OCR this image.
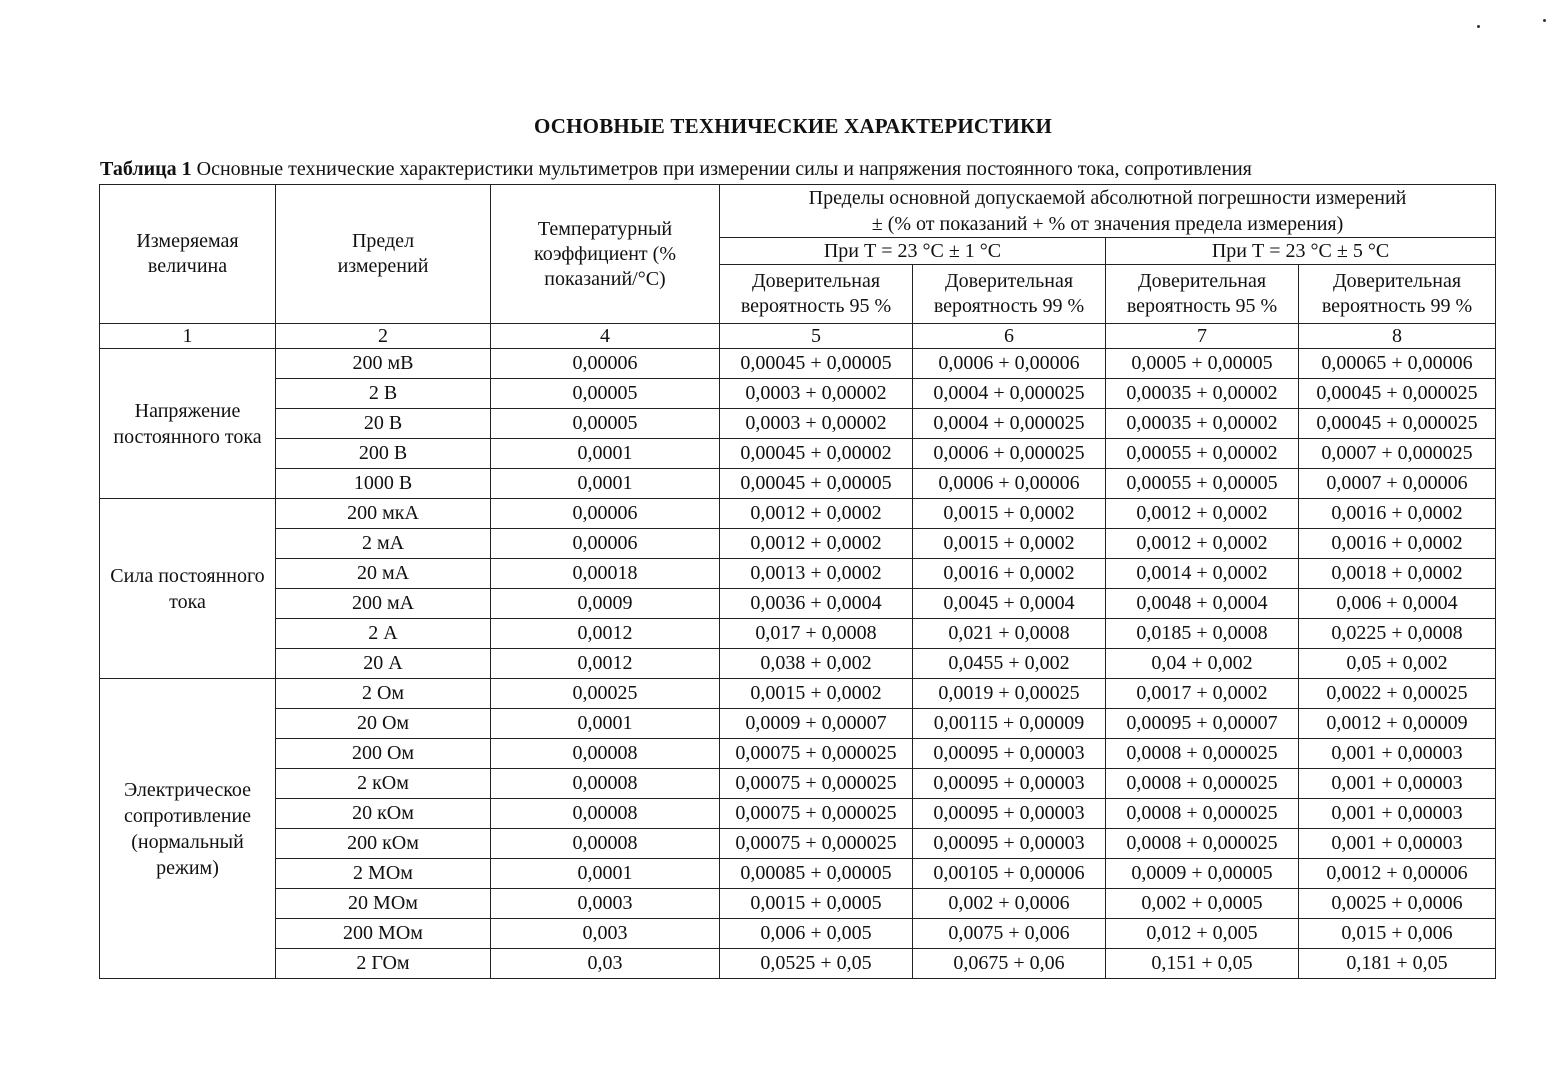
ОСНОВНЫЕ ТЕХНИЧЕСКИЕ ХАРАКТЕРИСТИКИ
Таблица 1 Основные технические характеристики мультиметров при измерении силы и напряжения постоянного тока, сопротивления
Измеряемая величина	Предел измерений	Температурный коэффициент (% показаний/°С)	Пределы основной допускаемой абсолютной погрешности измерений			
			± (% от показаний + % от значения предела измерения)			
			При Т = 23 °С ± 1 °С		При Т = 23 °С ± 5 °С	
			Доверительная вероятность 95 %	Доверительная вероятность 99 %	Доверительная вероятность 95 %	Доверительная вероятность 99 %
1	2	4	5	6	7	8
Напряжение постоянного тока	200 мВ	0,00006	0,00045 + 0,00005	0,0006 + 0,00006	0,0005 + 0,00005	0,00065 + 0,00006
	2 В	0,00005	0,0003 + 0,00002	0,0004 + 0,000025	0,00035 + 0,00002	0,00045 + 0,000025
	20 В	0,00005	0,0003 + 0,00002	0,0004 + 0,000025	0,00035 + 0,00002	0,00045 + 0,000025
	200 В	0,0001	0,00045 + 0,00002	0,0006 + 0,000025	0,00055 + 0,00002	0,0007 + 0,000025
	1000 В	0,0001	0,00045 + 0,00005	0,0006 + 0,00006	0,00055 + 0,00005	0,0007 + 0,00006
Сила постоянного тока	200 мкА	0,00006	0,0012 + 0,0002	0,0015 + 0,0002	0,0012 + 0,0002	0,0016 + 0,0002
	2 мА	0,00006	0,0012 + 0,0002	0,0015 + 0,0002	0,0012 + 0,0002	0,0016 + 0,0002
	20 мА	0,00018	0,0013 + 0,0002	0,0016 + 0,0002	0,0014 + 0,0002	0,0018 + 0,0002
	200 мА	0,0009	0,0036 + 0,0004	0,0045 + 0,0004	0,0048 + 0,0004	0,006 + 0,0004
	2 А	0,0012	0,017 + 0,0008	0,021 + 0,0008	0,0185 + 0,0008	0,0225 + 0,0008
	20 А	0,0012	0,038 + 0,002	0,0455 + 0,002	0,04 + 0,002	0,05 + 0,002
Электрическое сопротивление (нормальный режим)	2 Ом	0,00025	0,0015 + 0,0002	0,0019 + 0,00025	0,0017 + 0,0002	0,0022 + 0,00025
	20 Ом	0,0001	0,0009 + 0,00007	0,00115 + 0,00009	0,00095 + 0,00007	0,0012 + 0,00009
	200 Ом	0,00008	0,00075 + 0,000025	0,00095 + 0,00003	0,0008 + 0,000025	0,001 + 0,00003
	2 кОм	0,00008	0,00075 + 0,000025	0,00095 + 0,00003	0,0008 + 0,000025	0,001 + 0,00003
	20 кОм	0,00008	0,00075 + 0,000025	0,00095 + 0,00003	0,0008 + 0,000025	0,001 + 0,00003
	200 кОм	0,00008	0,00075 + 0,000025	0,00095 + 0,00003	0,0008 + 0,000025	0,001 + 0,00003
	2 МОм	0,0001	0,00085 + 0,00005	0,00105 + 0,00006	0,0009 + 0,00005	0,0012 + 0,00006
	20 МОм	0,0003	0,0015 + 0,0005	0,002 + 0,0006	0,002 + 0,0005	0,0025 + 0,0006
	200 МОм	0,003	0,006 + 0,005	0,0075 + 0,006	0,012 + 0,005	0,015 + 0,006
	2 ГОм	0,03	0,0525 + 0,05	0,0675 + 0,06	0,151 + 0,05	0,181 + 0,05
